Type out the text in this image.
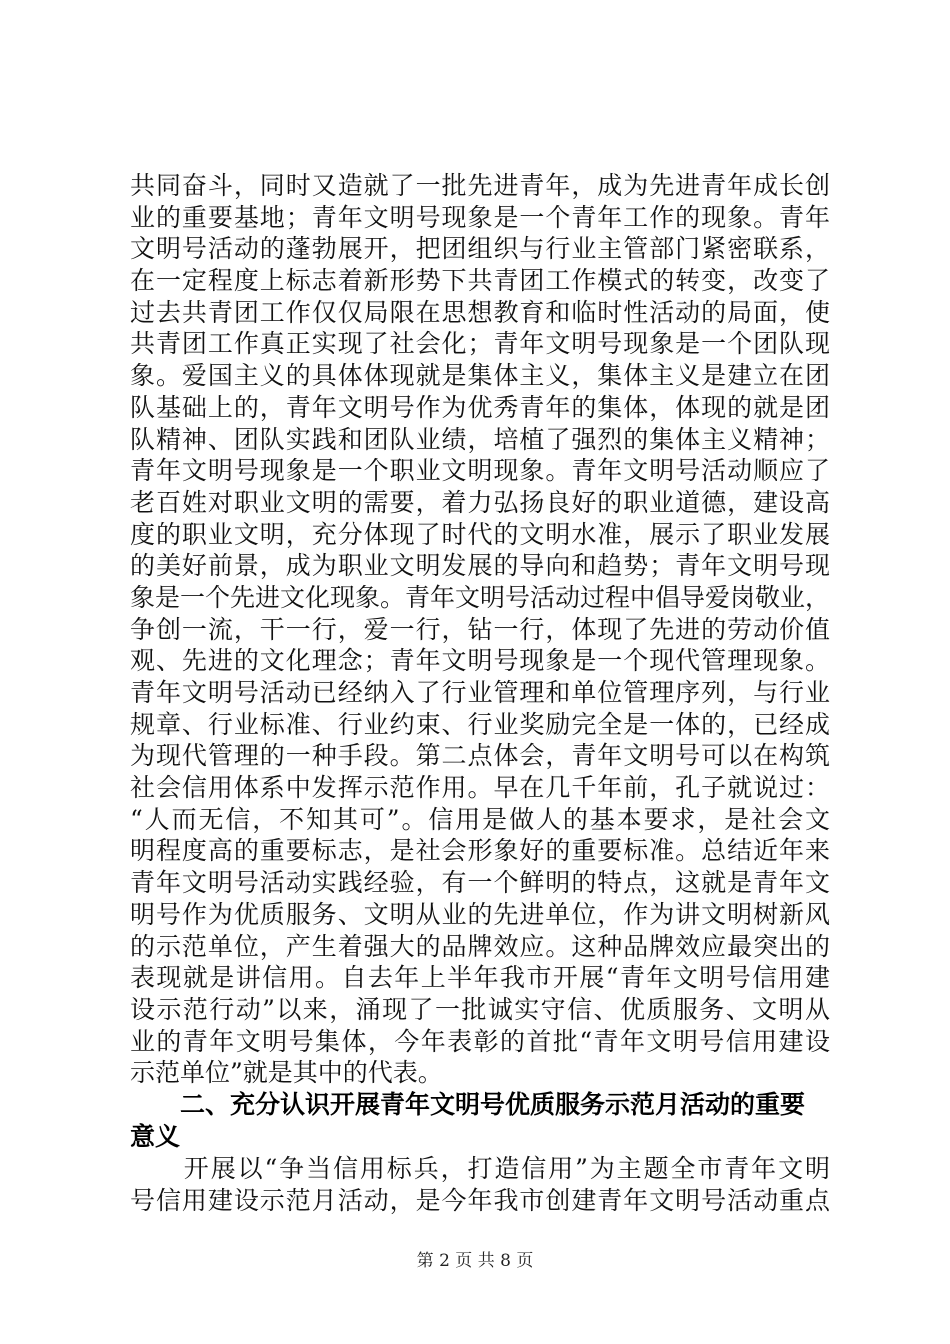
共同奋斗，同时又造就了一批先进青年，成为先进青年成长创
业的重要基地；青年文明号现象是一个青年工作的现象。青年
文明号活动的蓬勃展开，把团组织与行业主管部门紧密联系，
在一定程度上标志着新形势下共青团工作模式的转变，改变了
过去共青团工作仅仅局限在思想教育和临时性活动的局面，使
共青团工作真正实现了社会化；青年文明号现象是一个团队现
象。爱国主义的具体体现就是集体主义，集体主义是建立在团
队基础上的，青年文明号作为优秀青年的集体，体现的就是团
队精神、团队实践和团队业绩，培植了强烈的集体主义精神；
青年文明号现象是一个职业文明现象。青年文明号活动顺应了
老百姓对职业文明的需要，着力弘扬良好的职业道德，建设高
度的职业文明，充分体现了时代的文明水准，展示了职业发展
的美好前景，成为职业文明发展的导向和趋势；青年文明号现
象是一个先进文化现象。青年文明号活动过程中倡导爱岗敬业，
争创一流，干一行，爱一行，钻一行，体现了先进的劳动价值
观、先进的文化理念；青年文明号现象是一个现代管理现象。
青年文明号活动已经纳入了行业管理和单位管理序列，与行业
规章、行业标准、行业约束、行业奖励完全是一体的，已经成
为现代管理的一种手段。第二点体会，青年文明号可以在构筑
社会信用体系中发挥示范作用。早在几千年前，孔子就说过：
“人而无信，不知其可”。信用是做人的基本要求，是社会文
明程度高的重要标志，是社会形象好的重要标准。总结近年来
青年文明号活动实践经验，有一个鲜明的特点，这就是青年文
明号作为优质服务、文明从业的先进单位，作为讲文明树新风
的示范单位，产生着强大的品牌效应。这种品牌效应最突出的
表现就是讲信用。自去年上半年我市开展“青年文明号信用建
设示范行动”以来，涌现了一批诚实守信、优质服务、文明从
业的青年文明号集体，今年表彰的首批“青年文明号信用建设
示范单位”就是其中的代表。
二、充分认识开展青年文明号优质服务示范月活动的重要
意义
　　开展以“争当信用标兵，打造信用”为主题全市青年文明
号信用建设示范月活动，是今年我市创建青年文明号活动重点
第 2 页 共 8 页
